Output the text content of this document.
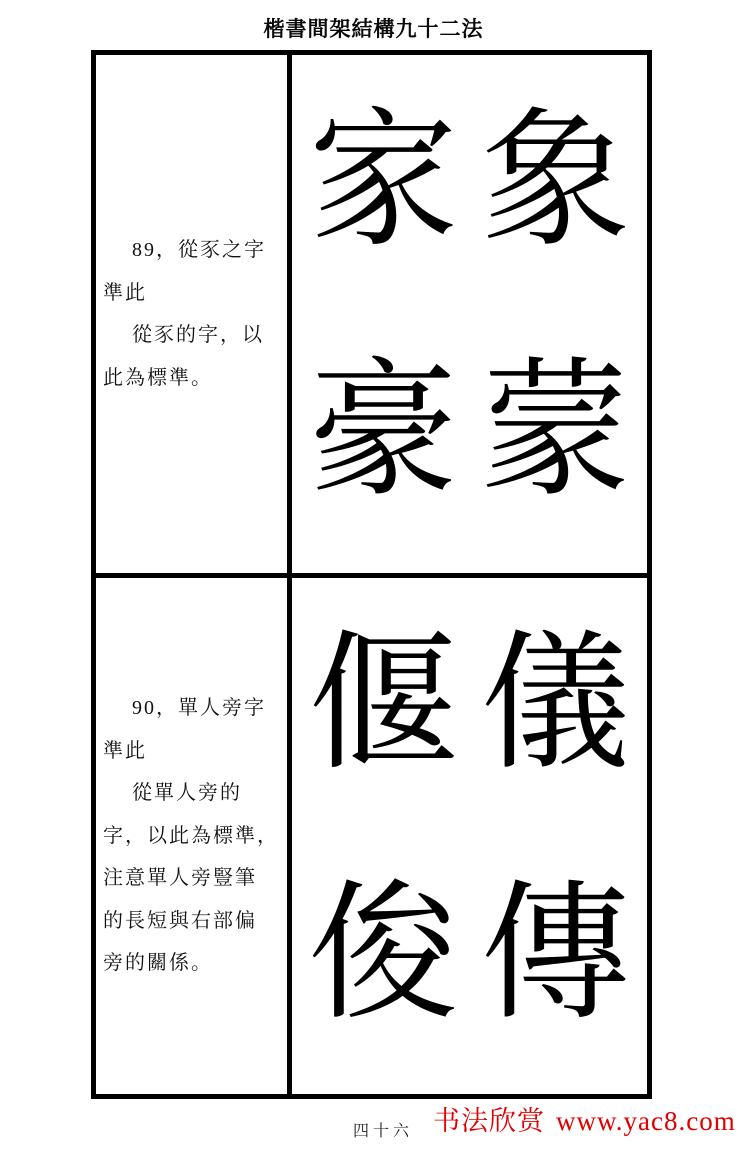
楷書間架結構九十二法
89，從豕之字
準此
從豕的字，以
此為標準。
家 象
豪 蒙
90，單人旁字
準此
從單人旁的
字，以此為標準，
注意單人旁豎筆
的長短與右部偏
旁的關係。
偃 儀
俊 傳
四十六 书法欣赏 www.yac8.com
